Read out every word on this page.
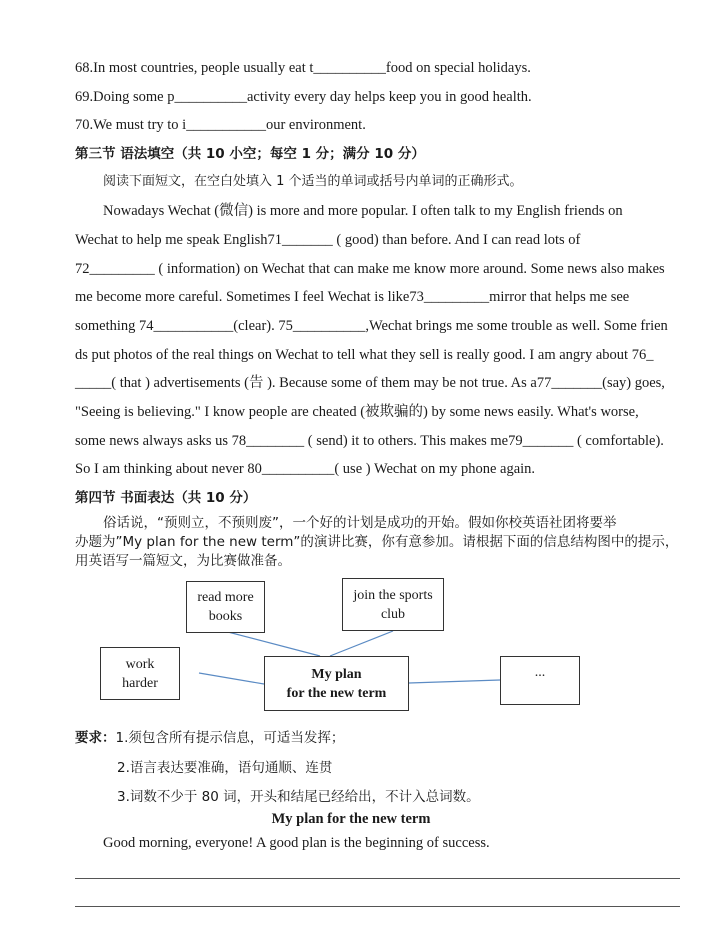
68.In most countries, people usually eat t__________food on special holidays.
69.Doing some p__________activity every day helps keep you in good health.
70.We must try to i___________our environment.
第三节 语法填空（共 10 小空；每空 1 分；满分 10 分）
阅读下面短文，在空白处填入 1 个适当的单词或括号内单词的正确形式。
Nowadays Wechat (微信) is more and more popular. I often talk to my English friends on
Wechat to help me speak English71_______ ( good) than before. And I can read lots of
72_________ ( information) on Wechat that can make me know more around. Some news also makes
me become more careful. Sometimes I feel Wechat is like73_________mirror that helps me see
something 74___________(clear). 75__________,Wechat brings me some trouble as well. Some frien
ds put photos of the real things on Wechat to tell what they sell is really good. I am angry about 76_
_____( that ) advertisements (告 ). Because some of them may be not true. As a77_______(say) goes,
"Seeing is believing." I know people are cheated (被欺骗的) by some news easily. What's worse,
some news always asks us 78________ ( send) it to others. This makes me79_______ ( comfortable).
So I am thinking about never 80__________( use ) Wechat on my phone again.
第四节 书面表达（共 10 分）
俗话说，“预则立，不预则废”，一个好的计划是成功的开始。假如你校英语社团将要举
办题为”My plan for the new term”的演讲比赛，你有意参加。请根据下面的信息结构图中的提示，
用英语写一篇短文，为比赛做准备。
read more
books
join the sports
club
work
harder
My plan
for the new term
...
要求：1.须包含所有提示信息，可适当发挥；
2.语言表达要准确，语句通顺、连贯
3.词数不少于 80 词，开头和结尾已经给出，不计入总词数。
My plan for the new term
Good morning, everyone! A good plan is the beginning of success.
